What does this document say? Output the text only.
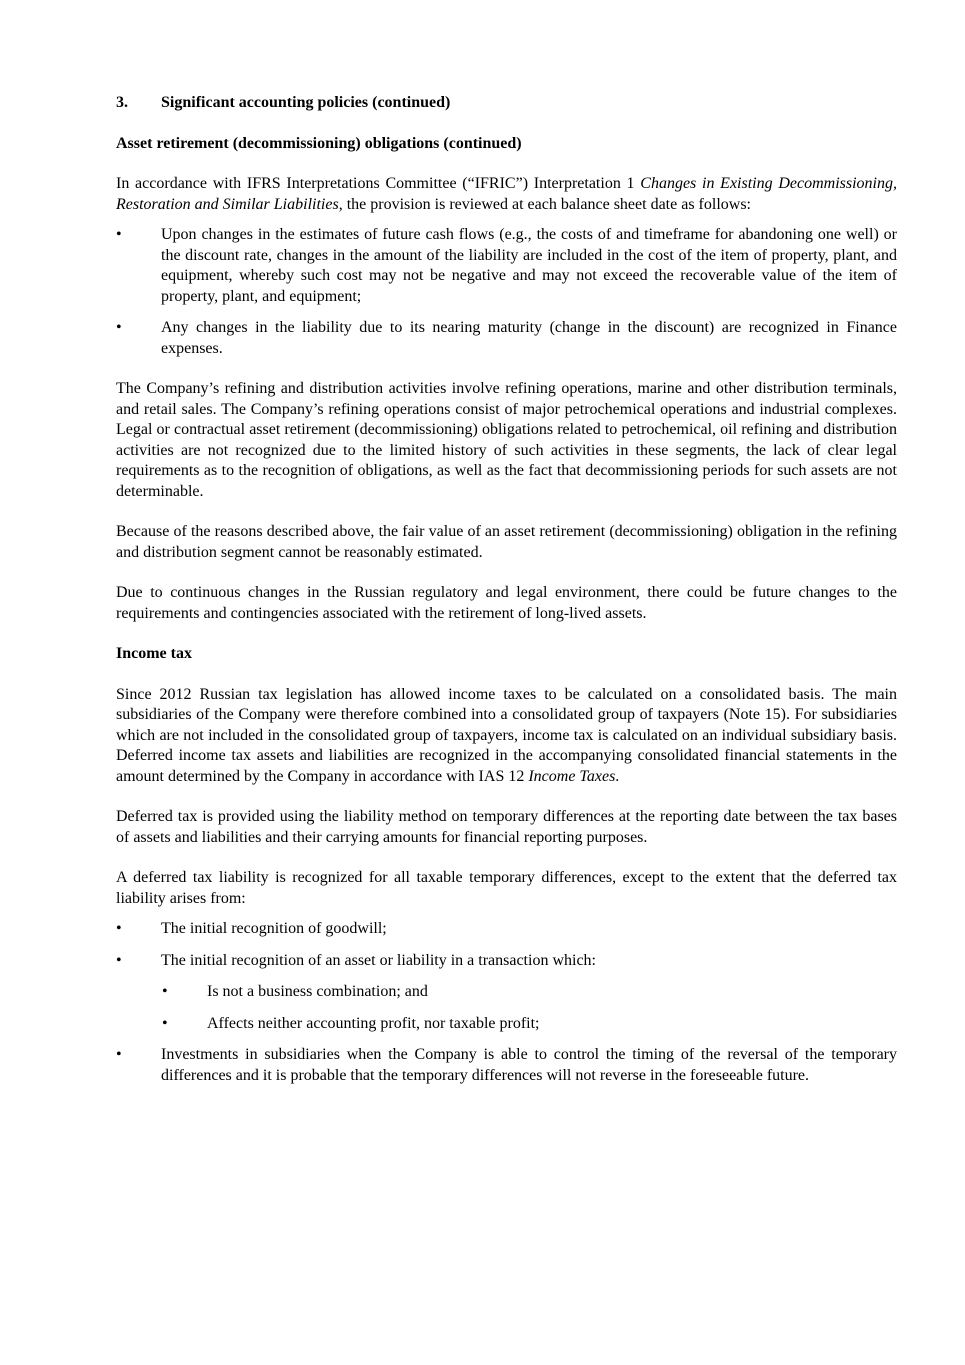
3. Significant accounting policies (continued)
Asset retirement (decommissioning) obligations (continued)

In accordance with IFRS Interpretations Committee (“IFRIC”) Interpretation 1 Changes in Existing Decommissioning, Restoration and Similar Liabilities, the provision is reviewed at each balance sheet date as follows:

• Upon changes in the estimates of future cash flows (e.g., the costs of and timeframe for abandoning one well) or the discount rate, changes in the amount of the liability are included in the cost of the item of property, plant, and equipment, whereby such cost may not be negative and may not exceed the recoverable value of the item of property, plant, and equipment;
• Any changes in the liability due to its nearing maturity (change in the discount) are recognized in Finance expenses.

The Company’s refining and distribution activities involve refining operations, marine and other distribution terminals, and retail sales. The Company’s refining operations consist of major petrochemical operations and industrial complexes. Legal or contractual asset retirement (decommissioning) obligations related to petrochemical, oil refining and distribution activities are not recognized due to the limited history of such activities in these segments, the lack of clear legal requirements as to the recognition of obligations, as well as the fact that decommissioning periods for such assets are not determinable.

Because of the reasons described above, the fair value of an asset retirement (decommissioning) obligation in the refining and distribution segment cannot be reasonably estimated.

Due to continuous changes in the Russian regulatory and legal environment, there could be future changes to the requirements and contingencies associated with the retirement of long-lived assets.

Income tax

Since 2012 Russian tax legislation has allowed income taxes to be calculated on a consolidated basis. The main subsidiaries of the Company were therefore combined into a consolidated group of taxpayers (Note 15). For subsidiaries which are not included in the consolidated group of taxpayers, income tax is calculated on an individual subsidiary basis. Deferred income tax assets and liabilities are recognized in the accompanying consolidated financial statements in the amount determined by the Company in accordance with IAS 12 Income Taxes.

Deferred tax is provided using the liability method on temporary differences at the reporting date between the tax bases of assets and liabilities and their carrying amounts for financial reporting purposes.

A deferred tax liability is recognized for all taxable temporary differences, except to the extent that the deferred tax liability arises from:

• The initial recognition of goodwill;
• The initial recognition of an asset or liability in a transaction which:
• Is not a business combination; and
• Affects neither accounting profit, nor taxable profit;
• Investments in subsidiaries when the Company is able to control the timing of the reversal of the temporary differences and it is probable that the temporary differences will not reverse in the foreseeable future.
